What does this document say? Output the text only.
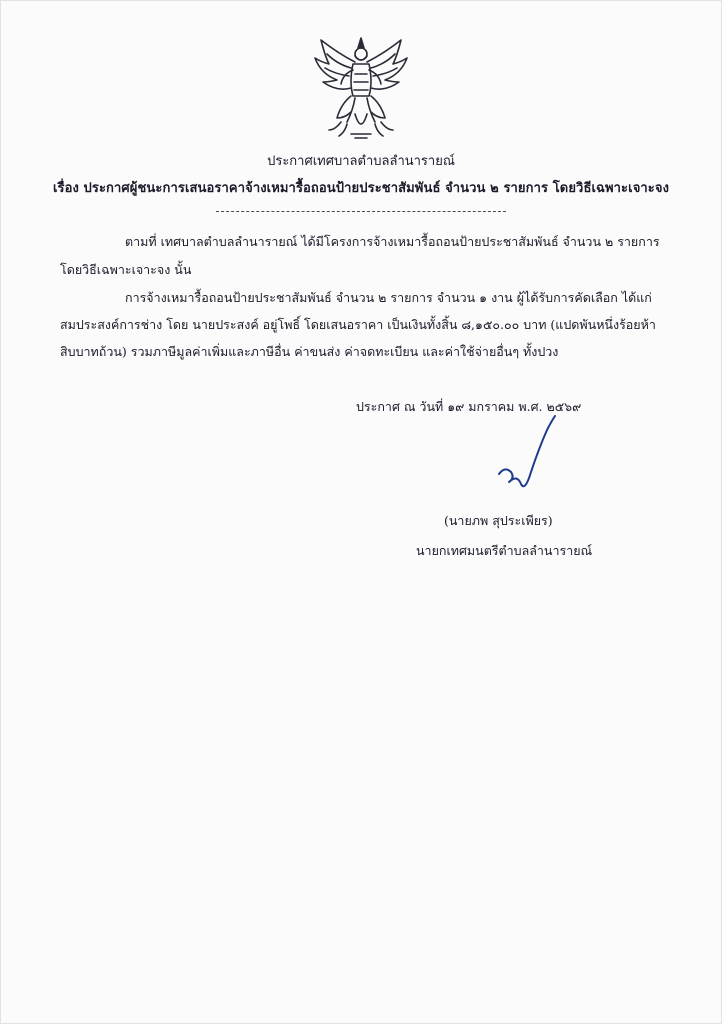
ประกาศเทศบาลตำบลลำนารายณ์
เรื่อง ประกาศผู้ชนะการเสนอราคาจ้างเหมารื้อถอนป้ายประชาสัมพันธ์ จำนวน ๒ รายการ โดยวิธีเฉพาะเจาะจง
ตามที่ เทศบาลตำบลลำนารายณ์ ได้มีโครงการจ้างเหมารื้อถอนป้ายประชาสัมพันธ์ จำนวน ๒ รายการ
โดยวิธีเฉพาะเจาะจง นั้น
การจ้างเหมารื้อถอนป้ายประชาสัมพันธ์ จำนวน ๒ รายการ จำนวน ๑ งาน ผู้ได้รับการคัดเลือก ได้แก่
สมประสงค์การช่าง โดย นายประสงค์ อยู่โพธิ์ โดยเสนอราคา เป็นเงินทั้งสิ้น ๘,๑๕๐.๐๐ บาท (แปดพันหนึ่งร้อยห้า
สิบบาทถ้วน) รวมภาษีมูลค่าเพิ่มและภาษีอื่น ค่าขนส่ง ค่าจดทะเบียน และค่าใช้จ่ายอื่นๆ ทั้งปวง
ประกาศ ณ วันที่ ๑๙ มกราคม พ.ศ. ๒๕๖๙
(นายภพ สุประเพียร)
นายกเทศมนตรีตำบลลำนารายณ์
